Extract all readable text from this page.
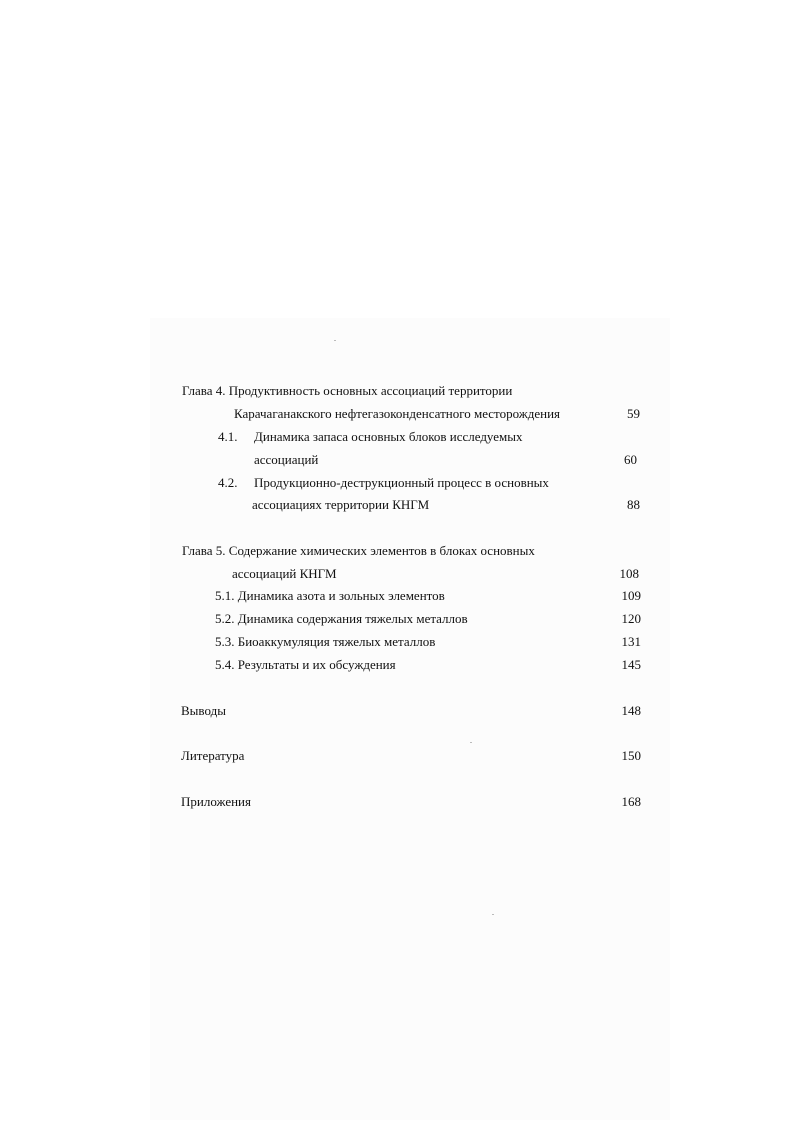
Глава 4. Продуктивность основных ассоциаций территории
Карачаганакского нефтегазоконденсатного месторождения	59
4.1. Динамика запаса основных блоков исследуемых
ассоциаций	60
4.2. Продукционно-деструкционный процесс в основных
ассоциациях территории КНГМ	88
Глава 5. Содержание химических элементов в блоках основных
ассоциаций КНГМ	108
5.1. Динамика азота и зольных элементов	109
5.2. Динамика содержания тяжелых металлов	120
5.3. Биоаккумуляция тяжелых металлов	131
5.4. Результаты и их обсуждения	145
Выводы	148
Литература	150
Приложения	168
